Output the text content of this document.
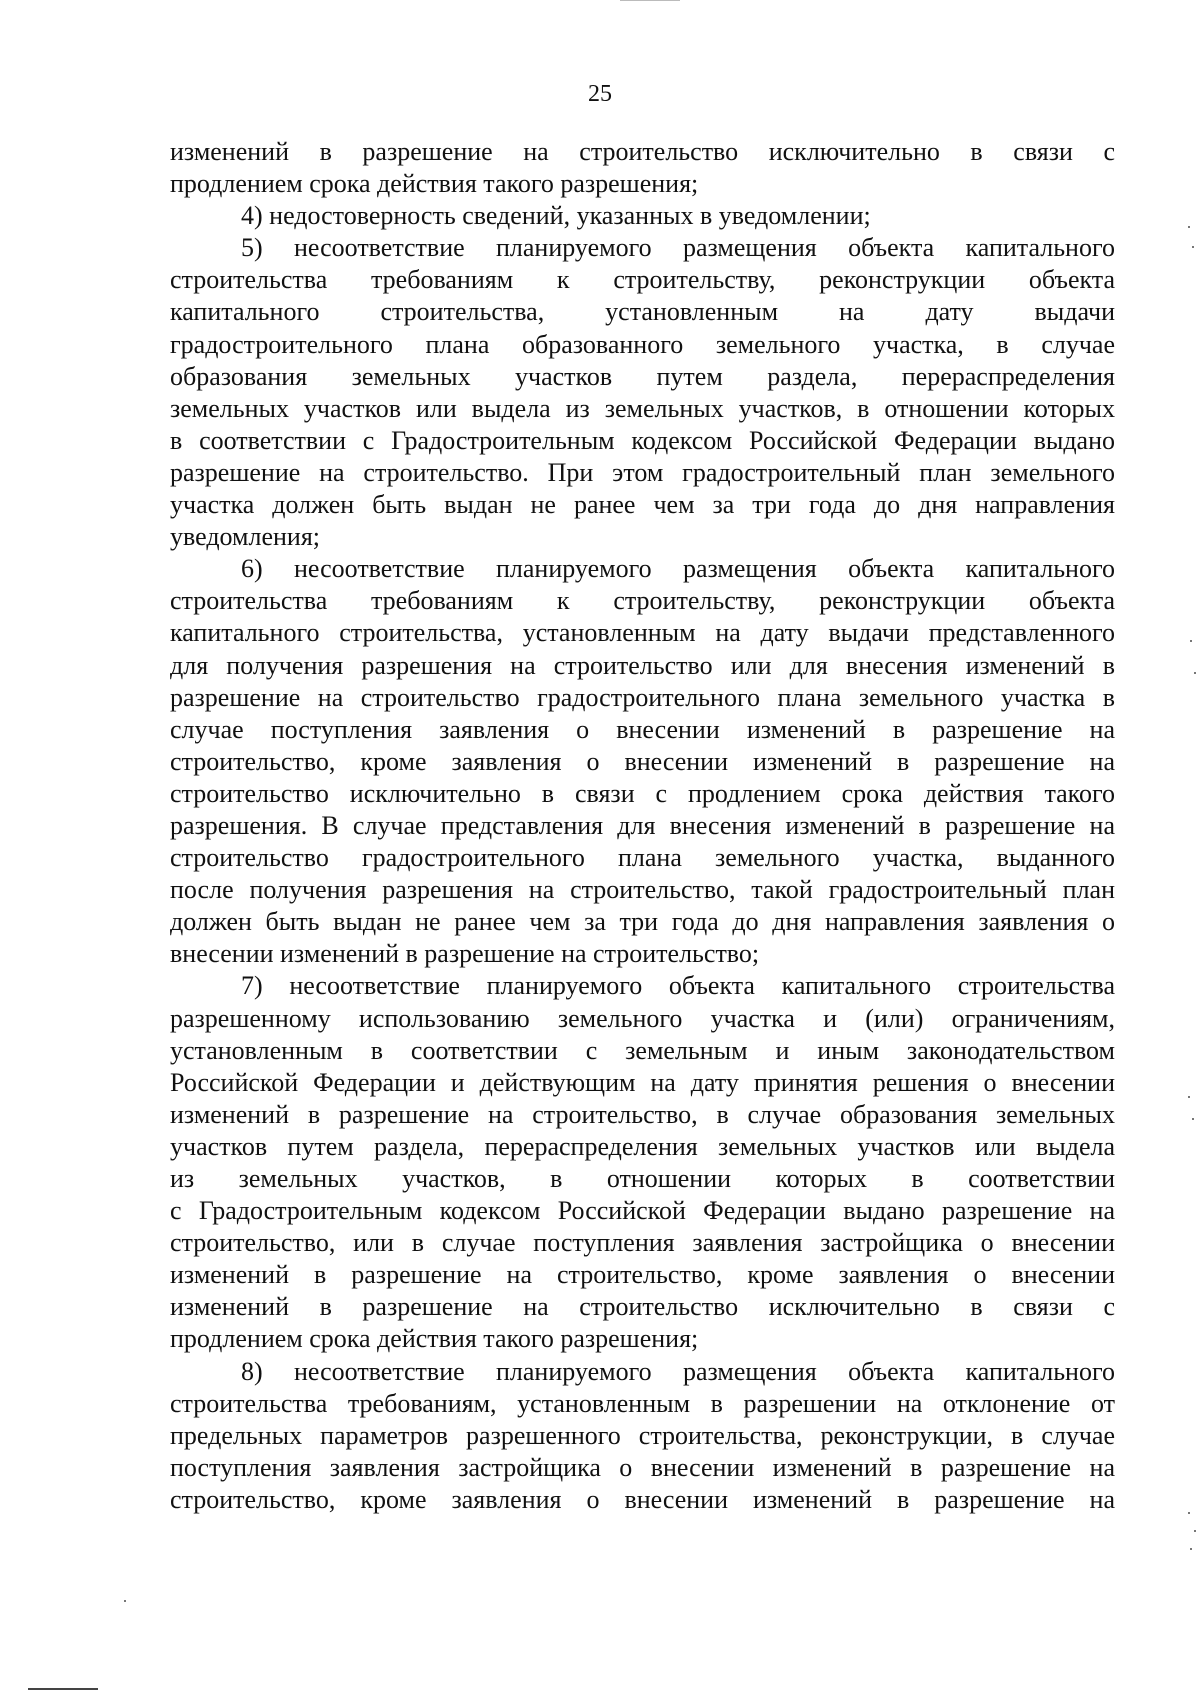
25
изменений в разрешение на строительство исключительно в связи с
продлением срока действия такого разрешения;
4) недостоверность сведений, указанных в уведомлении;
5) несоответствие планируемого размещения объекта капитального
строительства требованиям к строительству, реконструкции объекта
капитального строительства, установленным на дату выдачи
градостроительного плана образованного земельного участка, в случае
образования земельных участков путем раздела, перераспределения
земельных участков или выдела из земельных участков, в отношении которых
в соответствии с Градостроительным кодексом Российской Федерации выдано
разрешение на строительство. При этом градостроительный план земельного
участка должен быть выдан не ранее чем за три года до дня направления
уведомления;
6) несоответствие планируемого размещения объекта капитального
строительства требованиям к строительству, реконструкции объекта
капитального строительства, установленным на дату выдачи представленного
для получения разрешения на строительство или для внесения изменений в
разрешение на строительство градостроительного плана земельного участка в
случае поступления заявления о внесении изменений в разрешение на
строительство, кроме заявления о внесении изменений в разрешение на
строительство исключительно в связи с продлением срока действия такого
разрешения. В случае представления для внесения изменений в разрешение на
строительство градостроительного плана земельного участка, выданного
после получения разрешения на строительство, такой градостроительный план
должен быть выдан не ранее чем за три года до дня направления заявления о
внесении изменений в разрешение на строительство;
7) несоответствие планируемого объекта капитального строительства
разрешенному использованию земельного участка и (или) ограничениям,
установленным в соответствии с земельным и иным законодательством
Российской Федерации и действующим на дату принятия решения о внесении
изменений в разрешение на строительство, в случае образования земельных
участков путем раздела, перераспределения земельных участков или выдела
из земельных участков, в отношении которых в соответствии
с Градостроительным кодексом Российской Федерации выдано разрешение на
строительство, или в случае поступления заявления застройщика о внесении
изменений в разрешение на строительство, кроме заявления о внесении
изменений в разрешение на строительство исключительно в связи с
продлением срока действия такого разрешения;
8) несоответствие планируемого размещения объекта капитального
строительства требованиям, установленным в разрешении на отклонение от
предельных параметров разрешенного строительства, реконструкции, в случае
поступления заявления застройщика о внесении изменений в разрешение на
строительство, кроме заявления о внесении изменений в разрешение на
